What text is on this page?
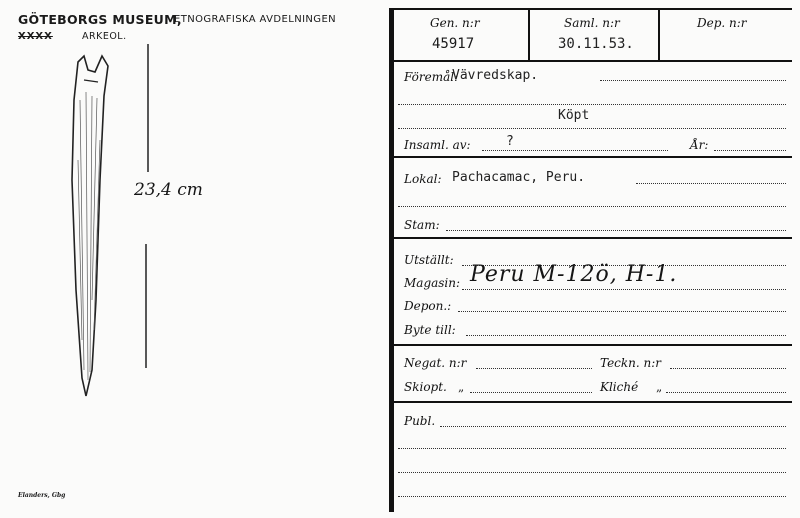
GÖTEBORGS MUSEUM,
ETNOGRAFISKA AVDELNINGEN
XXXX	ARKEOL.
23,4 cm
Elanders, Gbg
Gen. n:r
45917
Saml. n:r
30.11.53.
Dep. n:r
Föremål:
Vävredskap.
Köpt
Insaml. av:	?	År:
Lokal: Pachacamac, Peru.
Stam:
Utställt:
Magasin: Peru M-12ö, H-1.
Depon.:
Byte till:
Negat. n:r	Teckn. n:r
Skiopt. „	Kliché „
Publ.
